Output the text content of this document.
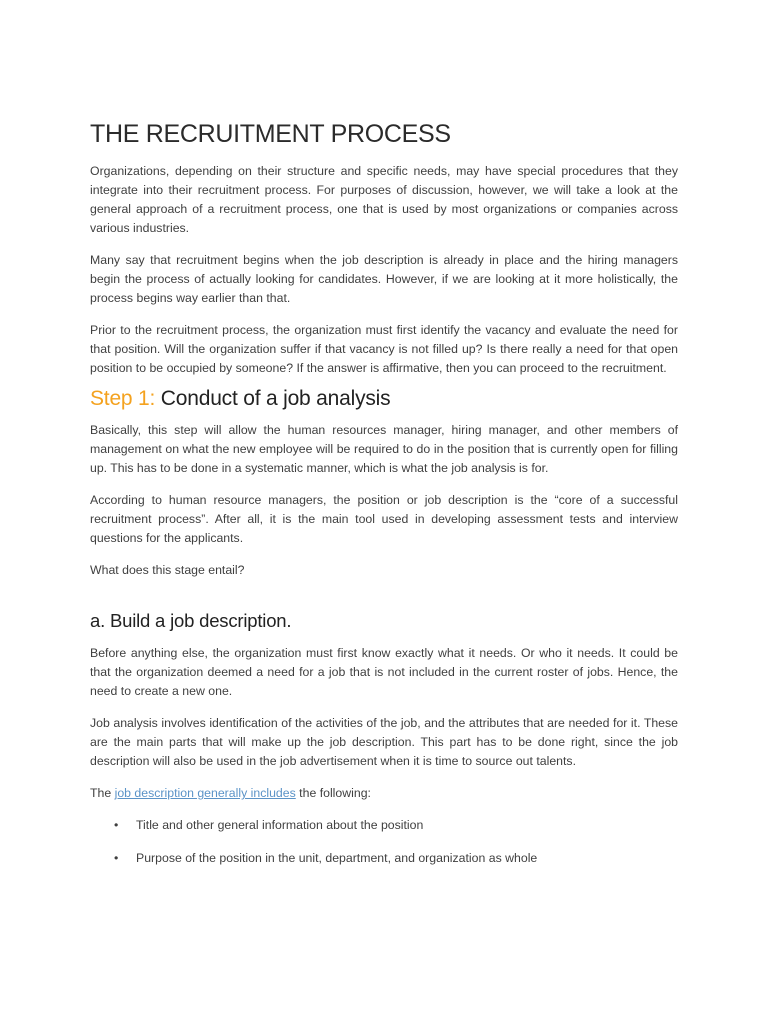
THE RECRUITMENT PROCESS

Organizations, depending on their structure and specific needs, may have special procedures that they integrate into their recruitment process. For purposes of discussion, however, we will take a look at the general approach of a recruitment process, one that is used by most organizations or companies across various industries.

Many say that recruitment begins when the job description is already in place and the hiring managers begin the process of actually looking for candidates. However, if we are looking at it more holistically, the process begins way earlier than that.

Prior to the recruitment process, the organization must first identify the vacancy and evaluate the need for that position. Will the organization suffer if that vacancy is not filled up? Is there really a need for that open position to be occupied by someone? If the answer is affirmative, then you can proceed to the recruitment.

Step 1: Conduct of a job analysis

Basically, this step will allow the human resources manager, hiring manager, and other members of management on what the new employee will be required to do in the position that is currently open for filling up. This has to be done in a systematic manner, which is what the job analysis is for.

According to human resource managers, the position or job description is the “core of a successful recruitment process”. After all, it is the main tool used in developing assessment tests and interview questions for the applicants.

What does this stage entail?

a. Build a job description.

Before anything else, the organization must first know exactly what it needs. Or who it needs. It could be that the organization deemed a need for a job that is not included in the current roster of jobs. Hence, the need to create a new one.

Job analysis involves identification of the activities of the job, and the attributes that are needed for it. These are the main parts that will make up the job description. This part has to be done right, since the job description will also be used in the job advertisement when it is time to source out talents.

The job description generally includes the following:

• Title and other general information about the position
• Purpose of the position in the unit, department, and organization as whole
